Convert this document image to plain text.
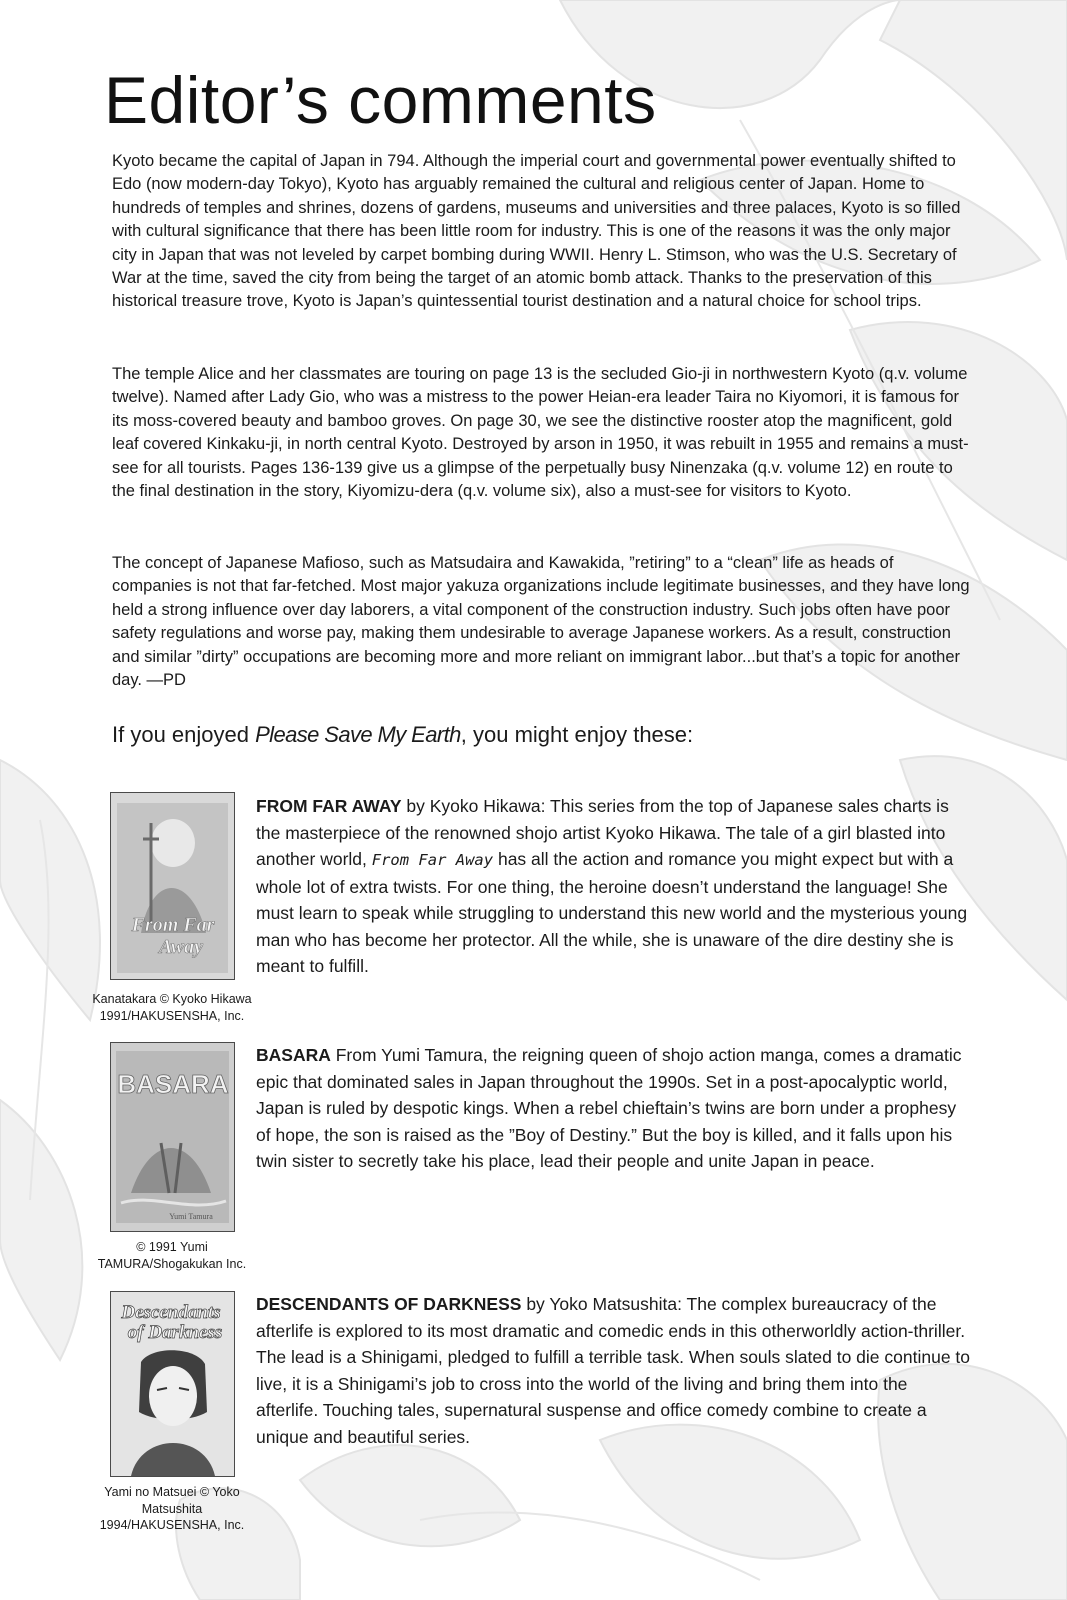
Editor’s comments

Kyoto became the capital of Japan in 794. Although the imperial court and governmental power eventually shifted to Edo (now modern-day Tokyo), Kyoto has arguably remained the cultural and religious center of Japan. Home to hundreds of temples and shrines, dozens of gardens, museums and universities and three palaces, Kyoto is so filled with cultural significance that there has been little room for industry. This is one of the reasons it was the only major city in Japan that was not leveled by carpet bombing during WWII. Henry L. Stimson, who was the U.S. Secretary of War at the time, saved the city from being the target of an atomic bomb attack. Thanks to the preservation of this historical treasure trove, Kyoto is Japan’s quintessential tourist destination and a natural choice for school trips.

The temple Alice and her classmates are touring on page 13 is the secluded Gio-ji in northwestern Kyoto (q.v. volume twelve). Named after Lady Gio, who was a mistress to the power Heian-era leader Taira no Kiyomori, it is famous for its moss-covered beauty and bamboo groves. On page 30, we see the distinctive rooster atop the magnificent, gold leaf covered Kinkaku-ji, in north central Kyoto. Destroyed by arson in 1950, it was rebuilt in 1955 and remains a must-see for all tourists. Pages 136-139 give us a glimpse of the perpetually busy Ninenzaka (q.v. volume 12) en route to the final destination in the story, Kiyomizu-dera (q.v. volume six), also a must-see for visitors to Kyoto.

The concept of Japanese Mafioso, such as Matsudaira and Kawakida, ”retiring” to a “clean” life as heads of companies is not that far-fetched. Most major yakuza organizations include legitimate businesses, and they have long held a strong influence over day laborers, a vital component of the construction industry. Such jobs often have poor safety regulations and worse pay, making them undesirable to average Japanese workers. As a result, construction and similar ”dirty” occupations are becoming more and more reliant on immigrant labor...but that’s a topic for another day. —PD

If you enjoyed Please Save My Earth, you might enjoy these:

From Far
Away

Kanatakara © Kyoko Hikawa 1991/HAKUSENSHA, Inc.

FROM FAR AWAY by Kyoko Hikawa: This series from the top of Japanese sales charts is the masterpiece of the renowned shojo artist Kyoko Hikawa. The tale of a girl blasted into another world, From Far Away has all the action and romance you might expect but with a whole lot of extra twists. For one thing, the heroine doesn’t understand the language! She must learn to speak while struggling to understand this new world and the mysterious young man who has become her protector. All the while, she is unaware of the dire destiny she is meant to fulfill.

BASARA
Yumi Tamura

© 1991 Yumi TAMURA/Shogakukan Inc.

BASARA From Yumi Tamura, the reigning queen of shojo action manga, comes a dramatic epic that dominated sales in Japan throughout the 1990s. Set in a post-apocalyptic world, Japan is ruled by despotic kings. When a rebel chieftain’s twins are born under a prophesy of hope, the son is raised as the ”Boy of Destiny.” But the boy is killed, and it falls upon his twin sister to secretly take his place, lead their people and unite Japan in peace.

Descendants
of Darkness

Yami no Matsuei © Yoko Matsushita 1994/HAKUSENSHA, Inc.

DESCENDANTS OF DARKNESS by Yoko Matsushita: The complex bureaucracy of the afterlife is explored to its most dramatic and comedic ends in this otherworldly action-thriller. The lead is a Shinigami, pledged to fulfill a terrible task. When souls slated to die continue to live, it is a Shinigami’s job to cross into the world of the living and bring them into the afterlife. Touching tales, supernatural suspense and office comedy combine to create a unique and beautiful series.
